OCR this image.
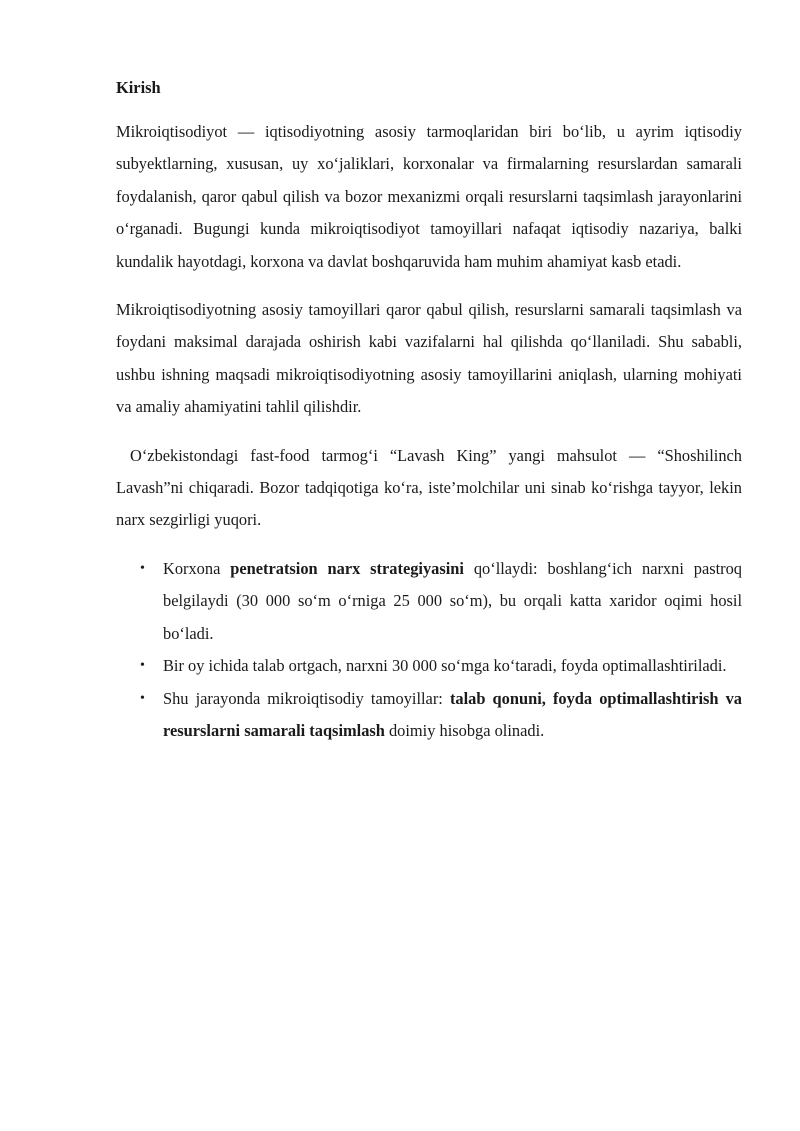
Kirish

Mikroiqtisodiyot — iqtisodiyotning asosiy tarmoqlaridan biri bo‘lib, u ayrim iqtisodiy subyektlarning, xususan, uy xo‘jaliklari, korxonalar va firmalarning resurslardan samarali foydalanish, qaror qabul qilish va bozor mexanizmi orqali resurslarni taqsimlash jarayonlarini o‘rganadi. Bugungi kunda mikroiqtisodiyot tamoyillari nafaqat iqtisodiy nazariya, balki kundalik hayotdagi, korxona va davlat boshqaruvida ham muhim ahamiyat kasb etadi.

Mikroiqtisodiyotning asosiy tamoyillari qaror qabul qilish, resurslarni samarali taqsimlash va foydani maksimal darajada oshirish kabi vazifalarni hal qilishda qo‘llaniladi. Shu sababli, ushbu ishning maqsadi mikroiqtisodiyotning asosiy tamoyillarini aniqlash, ularning mohiyati va amaliy ahamiyatini tahlil qilishdir.

O‘zbekistondagi fast-food tarmog‘i “Lavash King” yangi mahsulot — “Shoshilinch Lavash”ni chiqaradi. Bozor tadqiqotiga ko‘ra, iste’molchilar uni sinab ko‘rishga tayyor, lekin narx sezgirligi yuqori.

• Korxona penetratsion narx strategiyasini qo‘llaydi: boshlang‘ich narxni pastroq belgilaydi (30 000 so‘m o‘rniga 25 000 so‘m), bu orqali katta xaridor oqimi hosil bo‘ladi.
• Bir oy ichida talab ortgach, narxni 30 000 so‘mga ko‘taradi, foyda optimallashtiriladi.
• Shu jarayonda mikroiqtisodiy tamoyillar: talab qonuni, foyda optimallashtirish va resurslarni samarali taqsimlash doimiy hisobga olinadi.
